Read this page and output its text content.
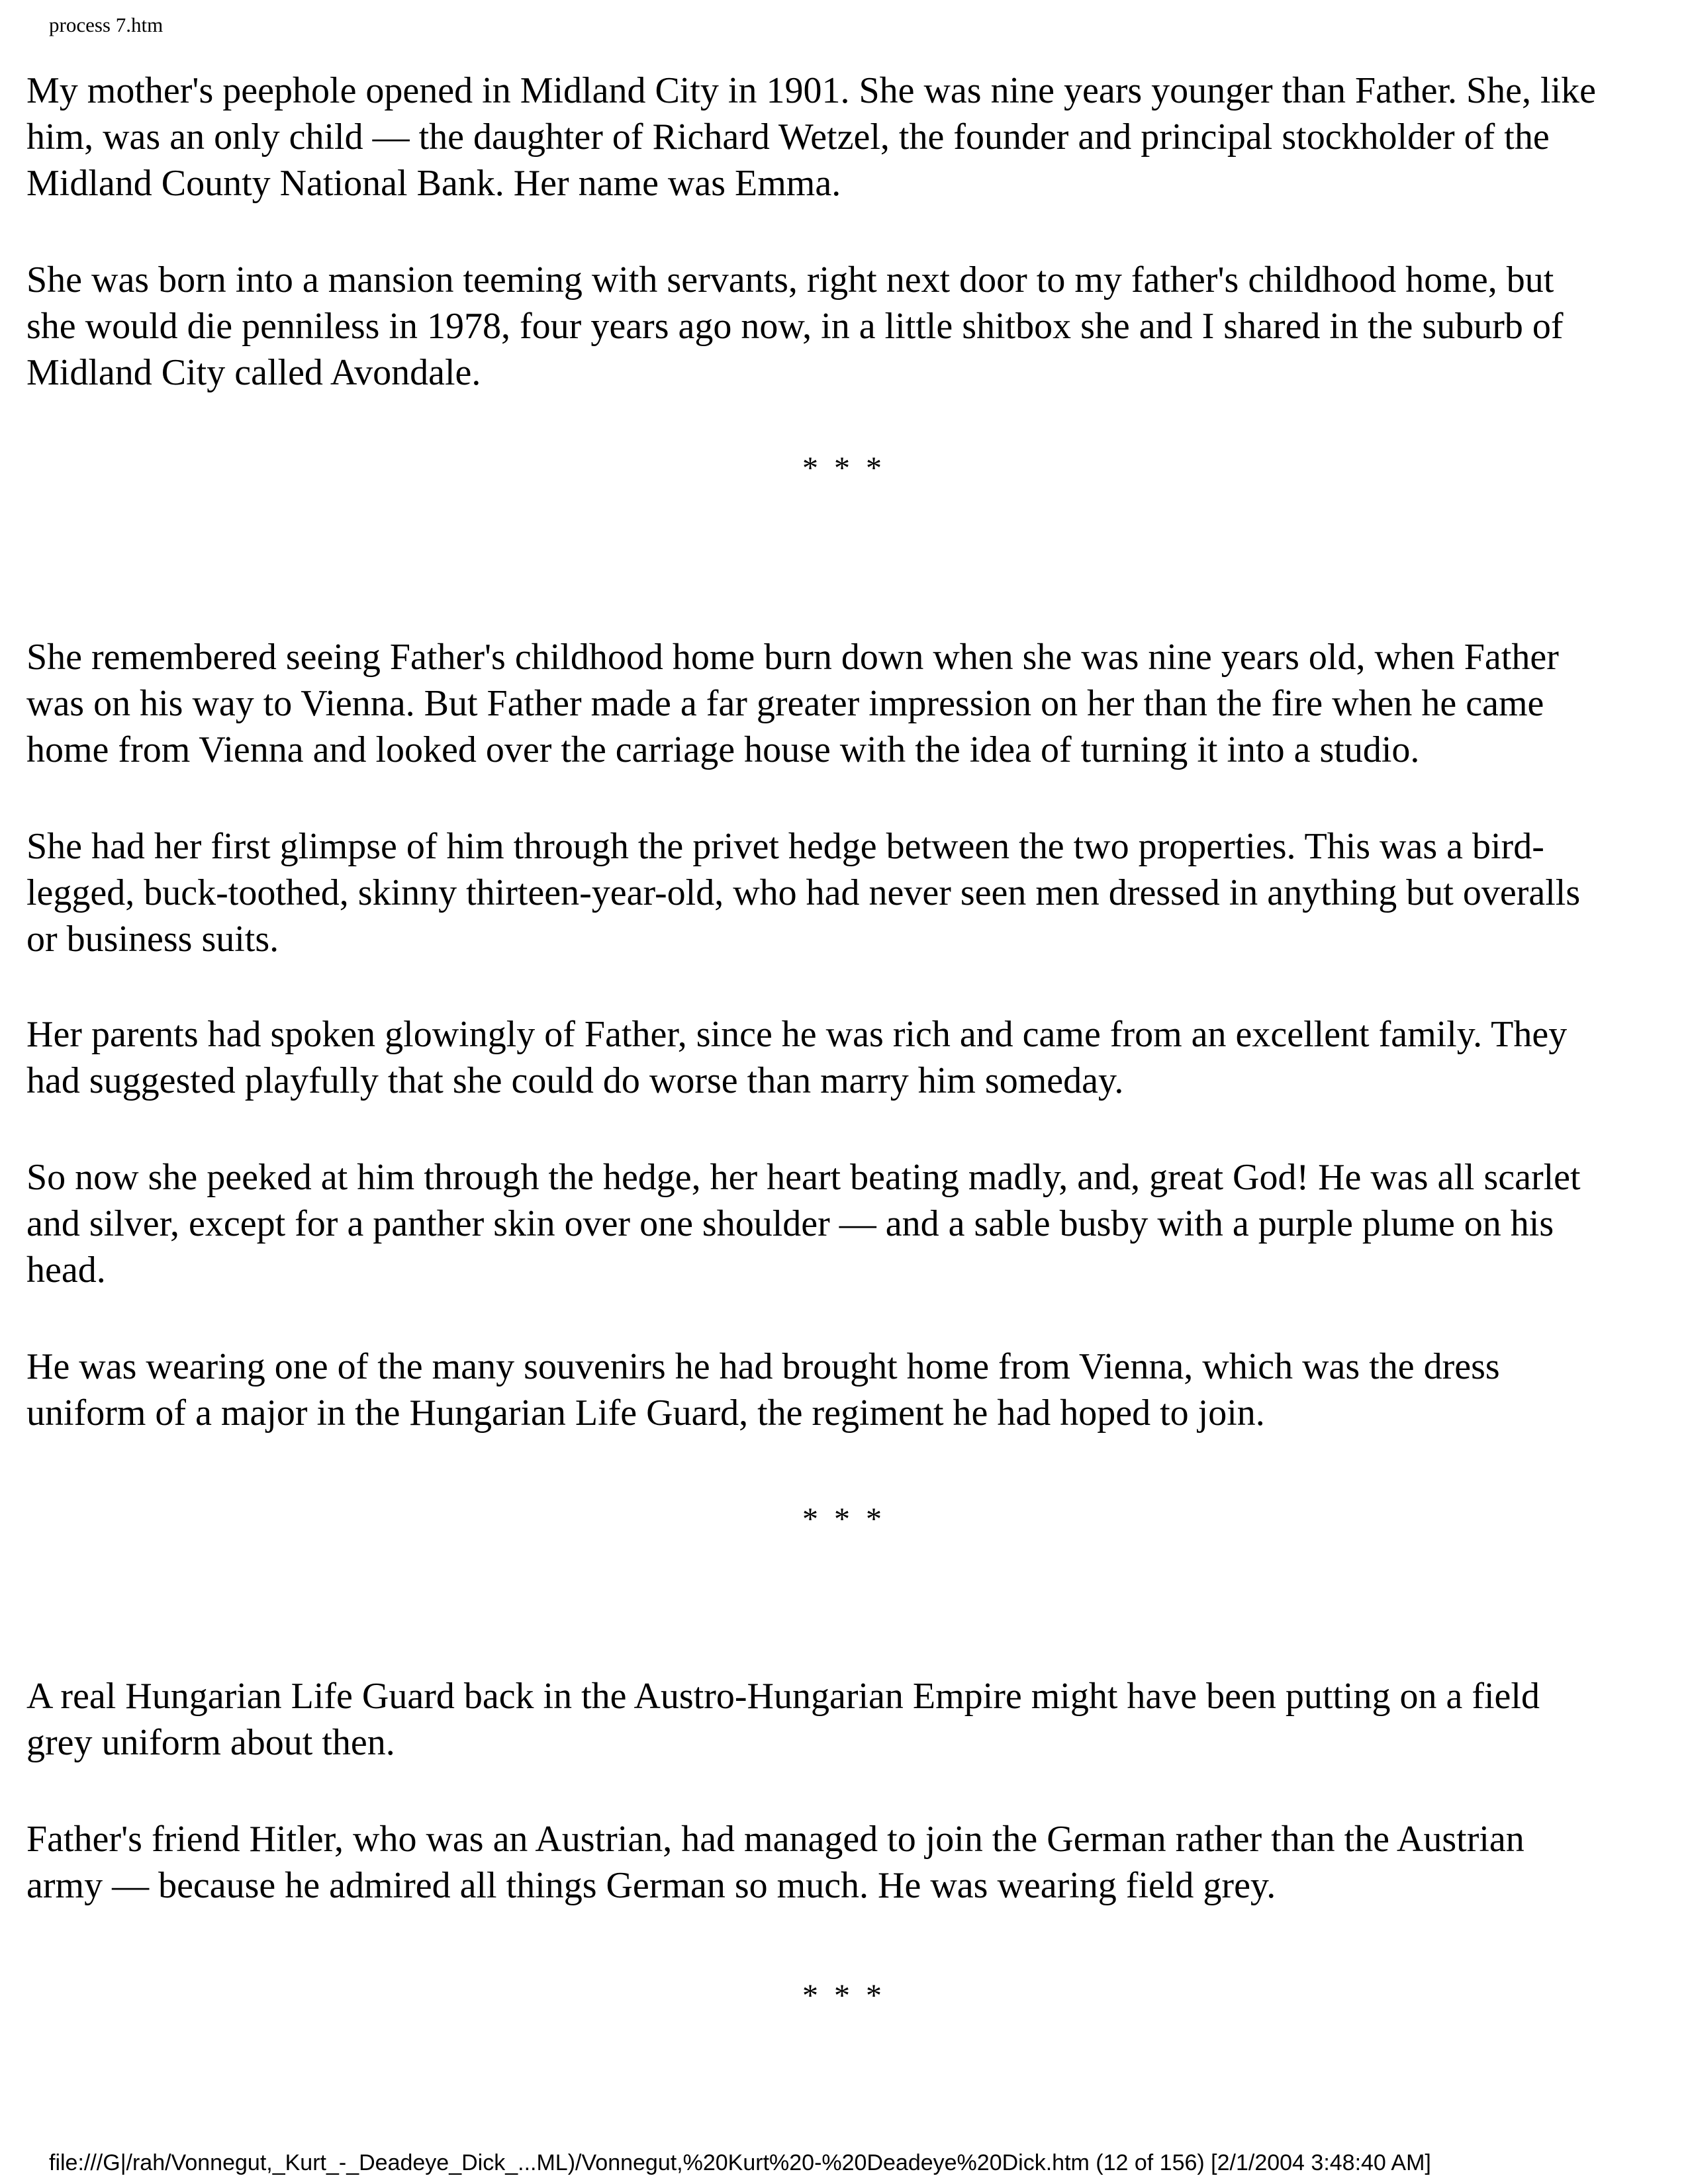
process 7.htm

My mother's peephole opened in Midland City in 1901. She was nine years younger than Father. She, like
him, was an only child — the daughter of Richard Wetzel, the founder and principal stockholder of the
Midland County National Bank. Her name was Emma.

She was born into a mansion teeming with servants, right next door to my father's childhood home, but
she would die penniless in 1978, four years ago now, in a little shitbox she and I shared in the suburb of
Midland City called Avondale.

She remembered seeing Father's childhood home burn down when she was nine years old, when Father
was on his way to Vienna. But Father made a far greater impression on her than the fire when he came
home from Vienna and looked over the carriage house with the idea of turning it into a studio.

She had her first glimpse of him through the privet hedge between the two properties. This was a bird-
legged, buck-toothed, skinny thirteen-year-old, who had never seen men dressed in anything but overalls
or business suits.

Her parents had spoken glowingly of Father, since he was rich and came from an excellent family. They
had suggested playfully that she could do worse than marry him someday.

So now she peeked at him through the hedge, her heart beating madly, and, great God! He was all scarlet
and silver, except for a panther skin over one shoulder — and a sable busby with a purple plume on his
head.

He was wearing one of the many souvenirs he had brought home from Vienna, which was the dress
uniform of a major in the Hungarian Life Guard, the regiment he had hoped to join.

A real Hungarian Life Guard back in the Austro-Hungarian Empire might have been putting on a field
grey uniform about then.

Father's friend Hitler, who was an Austrian, had managed to join the German rather than the Austrian
army — because he admired all things German so much. He was wearing field grey.

* * *
* * *
* * *
file:///G|/rah/Vonnegut,_Kurt_-_Deadeye_Dick_...ML)/Vonnegut,%20Kurt%20-%20Deadeye%20Dick.htm (12 of 156) [2/1/2004 3:48:40 AM]
